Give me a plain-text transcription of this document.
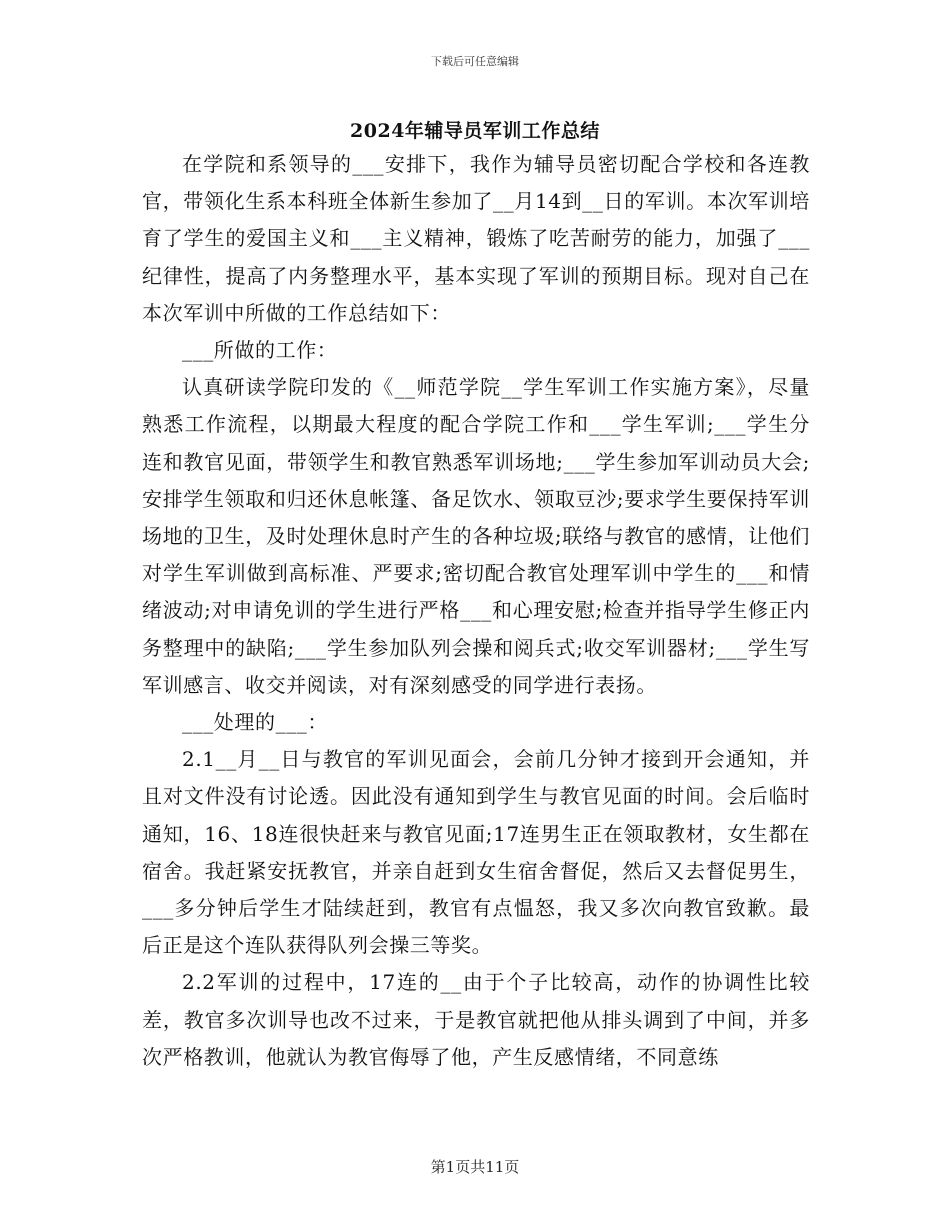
下载后可任意编辑
2024年辅导员军训工作总结

在学院和系领导的___安排下，我作为辅导员密切配合学校和各连教官，带领化生系本科班全体新生参加了__月14到__日的军训。本次军训培育了学生的爱国主义和___主义精神，锻炼了吃苦耐劳的能力，加强了___纪律性，提高了内务整理水平，基本实现了军训的预期目标。现对自己在本次军训中所做的工作总结如下：

___所做的工作：

认真研读学院印发的《__师范学院__学生军训工作实施方案》，尽量熟悉工作流程，以期最大程度的配合学院工作和___学生军训;___学生分连和教官见面，带领学生和教官熟悉军训场地;___学生参加军训动员大会;安排学生领取和归还休息帐篷、备足饮水、领取豆沙;要求学生要保持军训场地的卫生，及时处理休息时产生的各种垃圾;联络与教官的感情，让他们对学生军训做到高标准、严要求;密切配合教官处理军训中学生的___和情绪波动;对申请免训的学生进行严格___和心理安慰;检查并指导学生修正内务整理中的缺陷;___学生参加队列会操和阅兵式;收交军训器材;___学生写军训感言、收交并阅读，对有深刻感受的同学进行表扬。

___处理的___：

2.1__月__日与教官的军训见面会，会前几分钟才接到开会通知，并且对文件没有讨论透。因此没有通知到学生与教官见面的时间。会后临时通知，16、18连很快赶来与教官见面;17连男生正在领取教材，女生都在宿舍。我赶紧安抚教官，并亲自赶到女生宿舍督促，然后又去督促男生，___多分钟后学生才陆续赶到，教官有点愠怒，我又多次向教官致歉。最后正是这个连队获得队列会操三等奖。

2.2军训的过程中，17连的__由于个子比较高，动作的协调性比较差，教官多次训导也改不过来，于是教官就把他从排头调到了中间，并多次严格教训，他就认为教官侮辱了他，产生反感情绪，不同意练

第1页共11页
